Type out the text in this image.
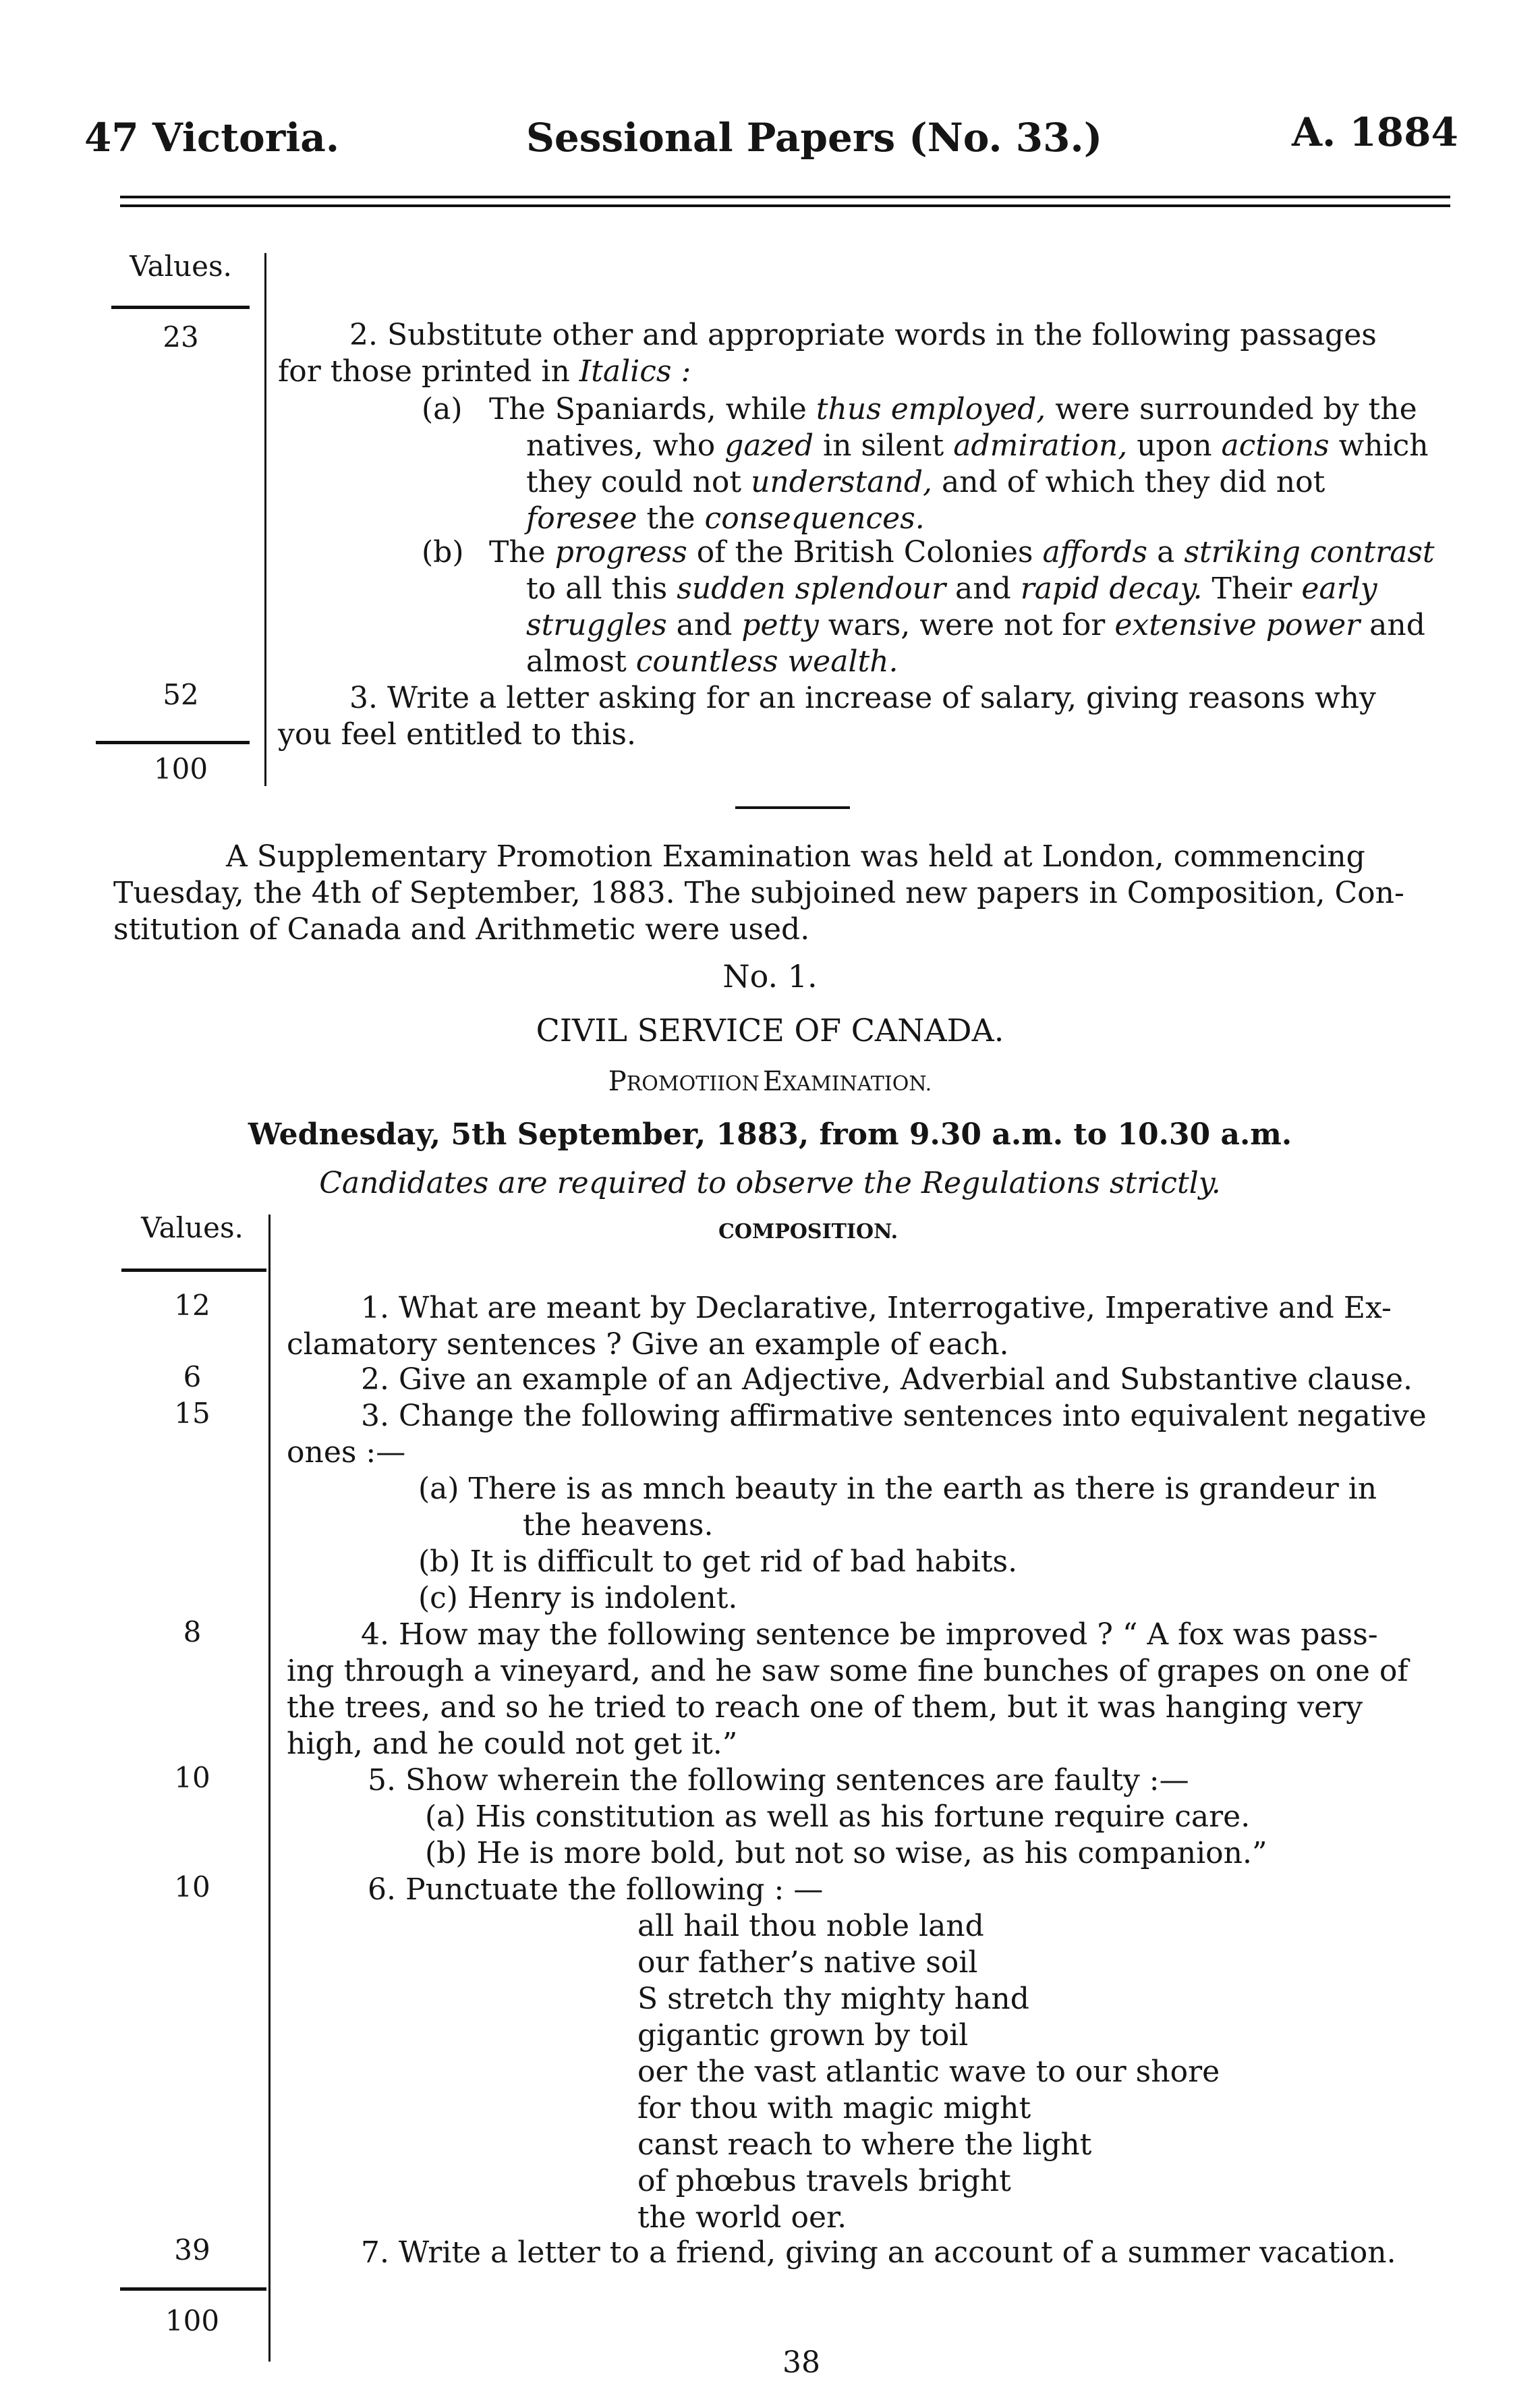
47 Victoria.	Sessional Papers (No. 33.)	A. 1884
Values.
23
52
100
2. Substitute other and appropriate words in the following passages
for those printed in Italics :
(a) The Spaniards, while thus employed, were surrounded by the
natives, who gazed in silent admiration, upon actions which
they could not understand, and of which they did not
foresee the consequences.
(b) The progress of the British Colonies affords a striking contrast
to all this sudden splendour and rapid decay. Their early
struggles and petty wars, were not for extensive power and
almost countless wealth.
3. Write a letter asking for an increase of salary, giving reasons why
you feel entitled to this.
A Supplementary Promotion Examination was held at London, commencing
Tuesday, the 4th of September, 1883. The subjoined new papers in Composition, Con-
stitution of Canada and Arithmetic were used.
No. 1.
CIVIL SERVICE OF CANADA.
PROMOTIION EXAMINATION.
Wednesday, 5th September, 1883, from 9.30 a.m. to 10.30 a.m.
Candidates are required to observe the Regulations strictly.
COMPOSITION.
Values.
12
6
15
8
10
10
39
100
1. What are meant by Declarative, Interrogative, Imperative and Ex-
clamatory sentences ? Give an example of each.
2. Give an example of an Adjective, Adverbial and Substantive clause.
3. Change the following affirmative sentences into equivalent negative
ones :—
(a) There is as mnch beauty in the earth as there is grandeur in
the heavens.
(b) It is difficult to get rid of bad habits.
(c) Henry is indolent.
4. How may the following sentence be improved ? “ A fox was pass-
ing through a vineyard, and he saw some fine bunches of grapes on one of
the trees, and so he tried to reach one of them, but it was hanging very
high, and he could not get it.”
5. Show wherein the following sentences are faulty :—
(a) His constitution as well as his fortune require care.
(b) He is more bold, but not so wise, as his companion.”
6. Punctuate the following : —
all hail thou noble land
our father’s native soil
S stretch thy mighty hand
gigantic grown by toil
oer the vast atlantic wave to our shore
for thou with magic might
canst reach to where the light
of phœbus travels bright
the world oer.
7. Write a letter to a friend, giving an account of a summer vacation.
38
